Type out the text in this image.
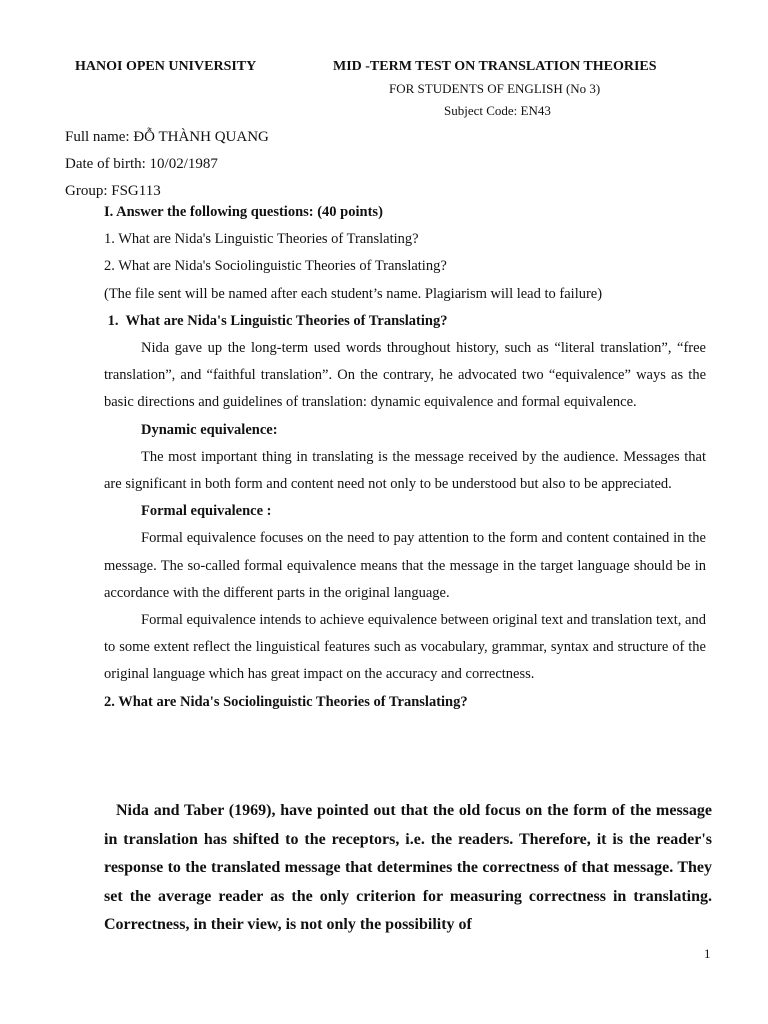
HANOI OPEN UNIVERSITY	MID -TERM TEST ON TRANSLATION THEORIES
FOR STUDENTS OF ENGLISH (No 3)
Subject Code: EN43
Full name: ĐỖ THÀNH QUANG
Date of birth: 10/02/1987
Group: FSG113

I. Answer the following questions: (40 points)

1. What are Nida's Linguistic Theories of Translating?

2. What are Nida's Sociolinguistic Theories of Translating?

(The file sent will be named after each student’s name. Plagiarism will lead to failure)

1.  What are Nida's Linguistic Theories of Translating?

Nida gave up the long-term used words throughout history, such as “literal translation”, “free translation”, and “faithful translation”. On the contrary, he advocated two “equivalence” ways as the basic directions and guidelines of translation: dynamic equivalence and formal equivalence.

Dynamic equivalence:

The most important thing in translating is the message received by the audience. Messages that are significant in both form and content need not only to be understood but also to be appreciated.

Formal equivalence :

Formal equivalence focuses on the need to pay attention to the form and content contained in the message. The so-called formal equivalence means that the message in the target language should be in accordance with the different parts in the original language.

Formal equivalence intends to achieve equivalence between original text and translation text, and to some extent reflect the linguistical features such as vocabulary, grammar, syntax and structure of the original language which has great impact on the accuracy and correctness.

2. What are Nida's Sociolinguistic Theories of Translating?

Nida and Taber (1969), have pointed out that the old focus on the form of the message in translation has shifted to the receptors, i.e. the readers. Therefore, it is the reader's response to the translated message that determines the correctness of that message. They set the average reader as the only criterion for measuring correctness in translating. Correctness, in their view, is not only the possibility of
1
